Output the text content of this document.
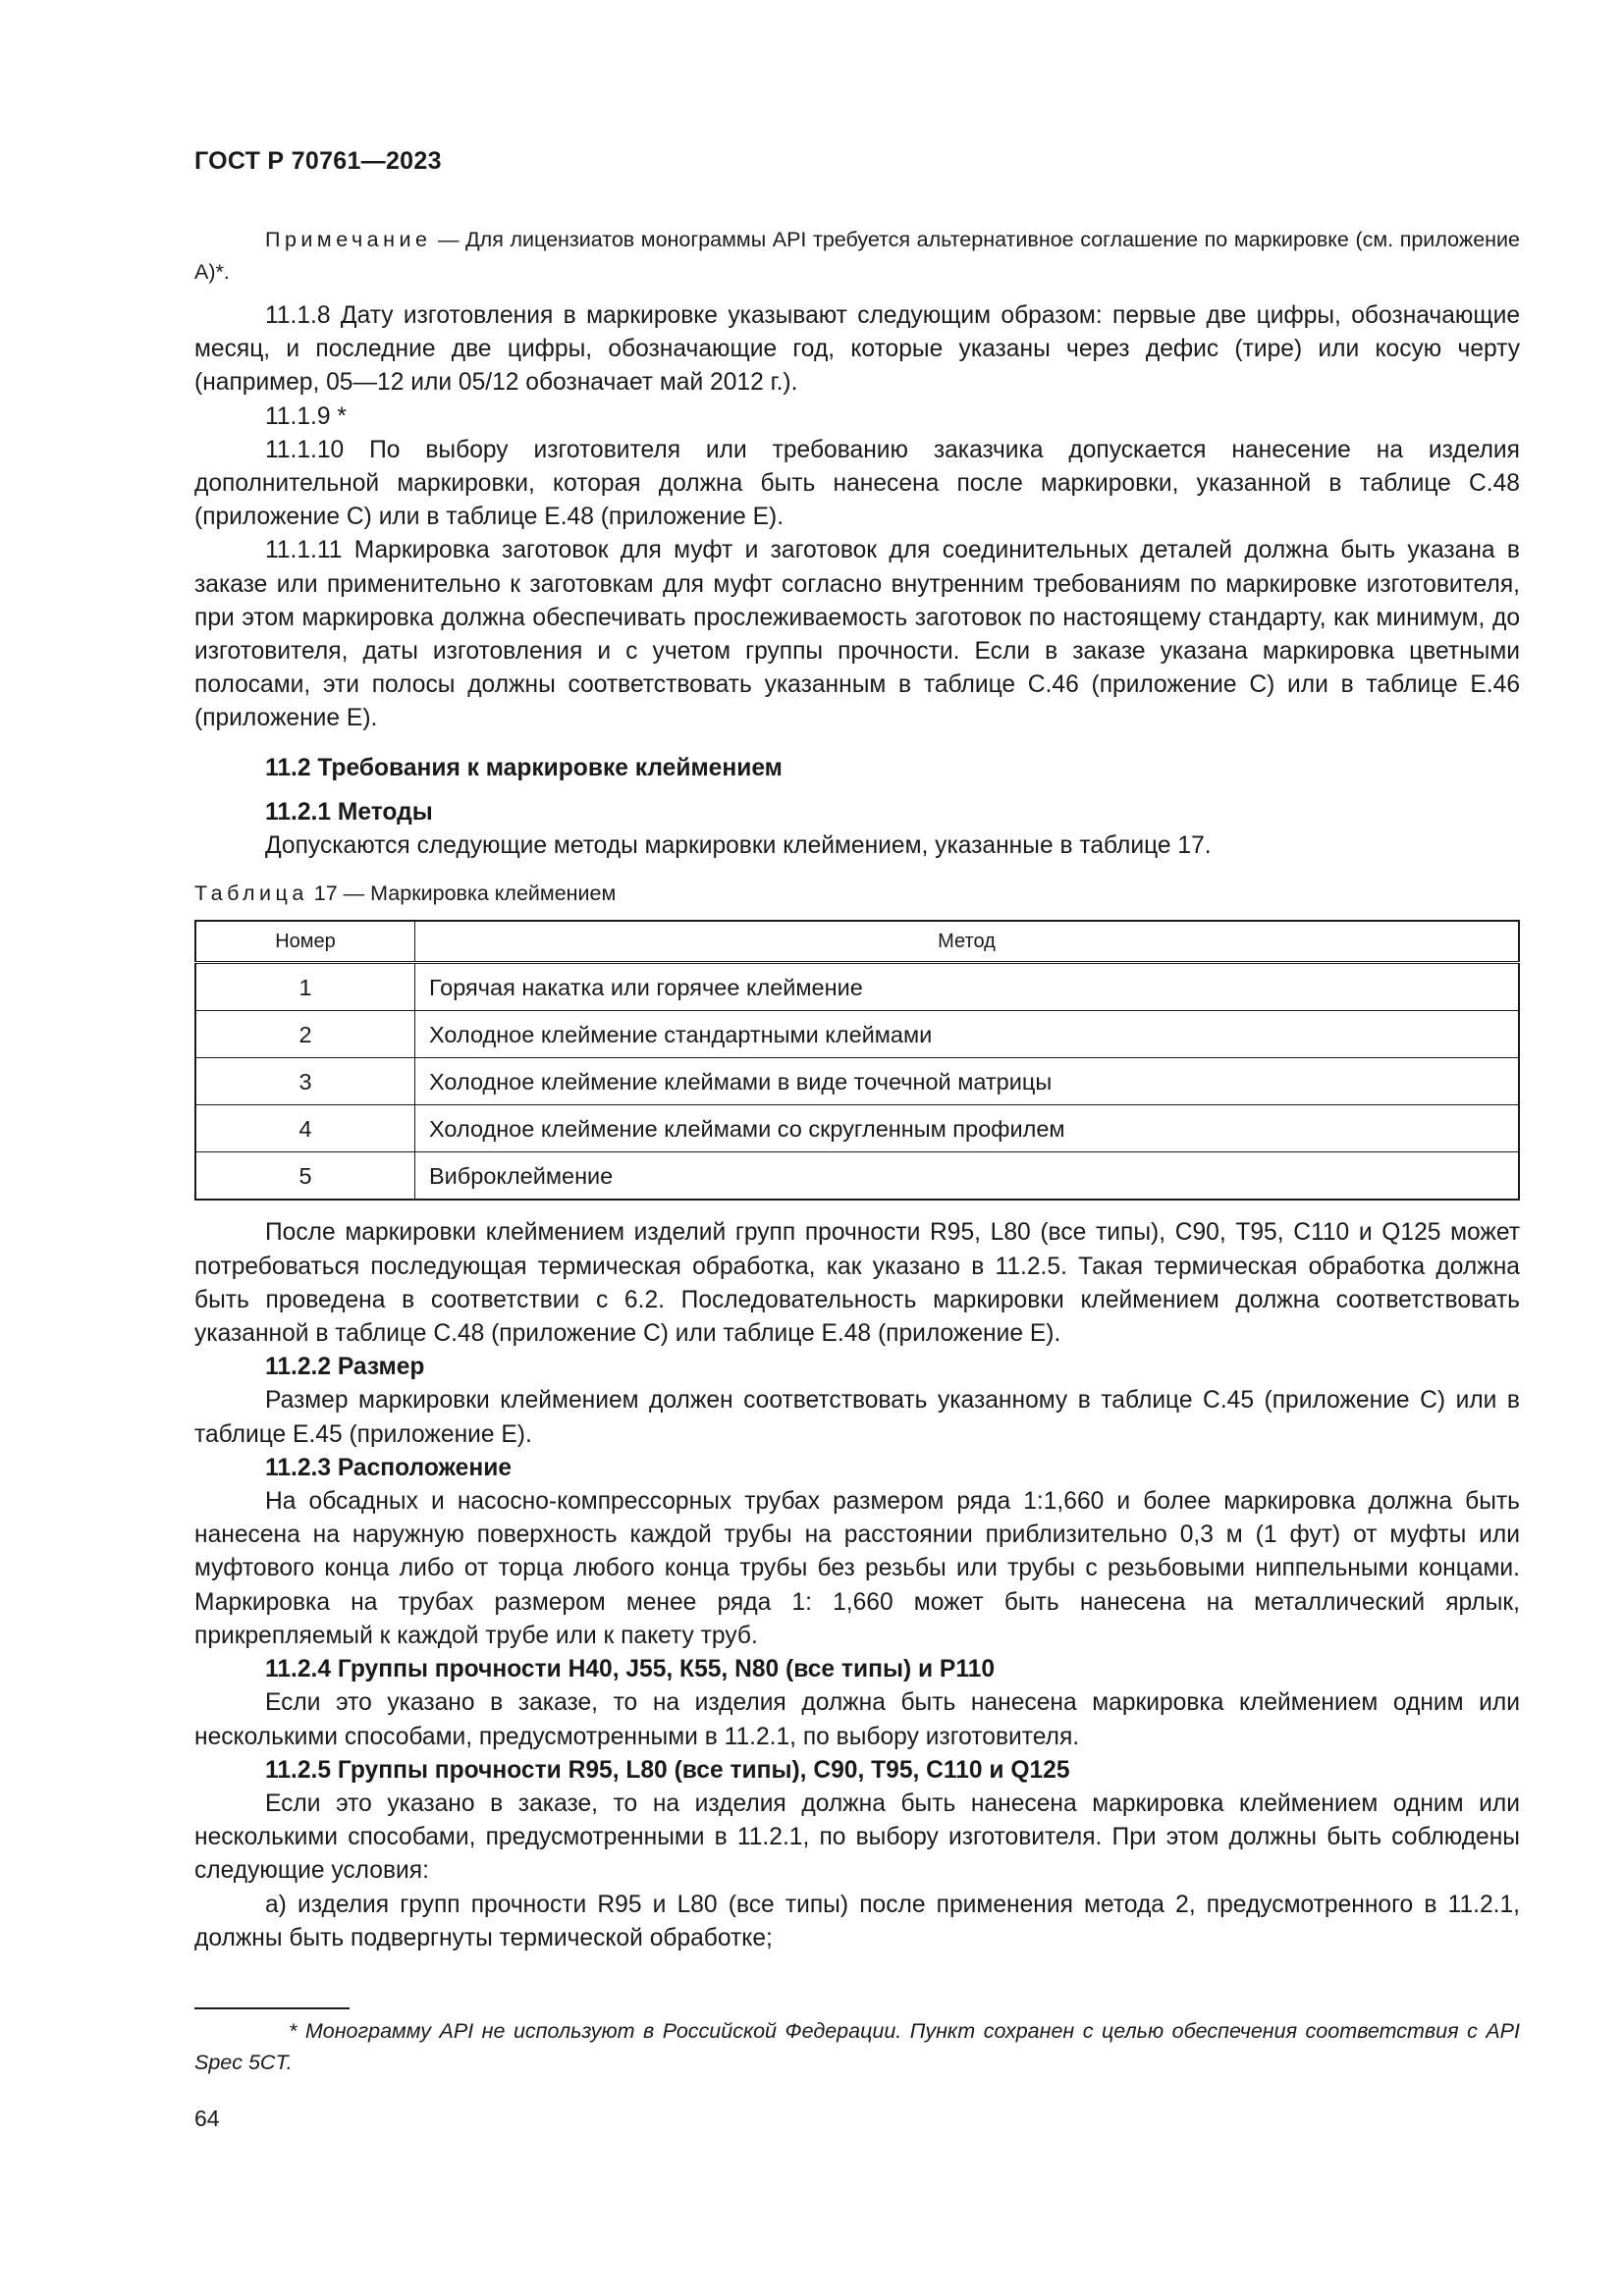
ГОСТ Р 70761—2023

Примечание — Для лицензиатов монограммы API требуется альтернативное соглашение по маркировке (см. приложение А)*.

11.1.8 Дату изготовления в маркировке указывают следующим образом: первые две цифры, обозначающие месяц, и последние две цифры, обозначающие год, которые указаны через дефис (тире) или косую черту (например, 05—12 или 05/12 обозначает май 2012 г.).

11.1.9 *

11.1.10 По выбору изготовителя или требованию заказчика допускается нанесение на изделия дополнительной маркировки, которая должна быть нанесена после маркировки, указанной в таблице С.48 (приложение С) или в таблице Е.48 (приложение Е).

11.1.11 Маркировка заготовок для муфт и заготовок для соединительных деталей должна быть указана в заказе или применительно к заготовкам для муфт согласно внутренним требованиям по маркировке изготовителя, при этом маркировка должна обеспечивать прослеживаемость заготовок по настоящему стандарту, как минимум, до изготовителя, даты изготовления и с учетом группы прочности. Если в заказе указана маркировка цветными полосами, эти полосы должны соответствовать указанным в таблице С.46 (приложение С) или в таблице Е.46 (приложение Е).

11.2 Требования к маркировке клеймением

11.2.1 Методы

Допускаются следующие методы маркировки клеймением, указанные в таблице 17.

Таблица 17 — Маркировка клеймением

Номер	Метод
1	Горячая накатка или горячее клеймение
2	Холодное клеймение стандартными клеймами
3	Холодное клеймение клеймами в виде точечной матрицы
4	Холодное клеймение клеймами со скругленным профилем
5	Виброклеймение

После маркировки клеймением изделий групп прочности R95, L80 (все типы), С90, Т95, С110 и Q125 может потребоваться последующая термическая обработка, как указано в 11.2.5. Такая термическая обработка должна быть проведена в соответствии с 6.2. Последовательность маркировки клеймением должна соответствовать указанной в таблице С.48 (приложение С) или таблице Е.48 (приложение Е).

11.2.2 Размер

Размер маркировки клеймением должен соответствовать указанному в таблице С.45 (приложение С) или в таблице Е.45 (приложение Е).

11.2.3 Расположение

На обсадных и насосно-компрессорных трубах размером ряда 1:1,660 и более маркировка должна быть нанесена на наружную поверхность каждой трубы на расстоянии приблизительно 0,3 м (1 фут) от муфты или муфтового конца либо от торца любого конца трубы без резьбы или трубы с резьбовыми ниппельными концами. Маркировка на трубах размером менее ряда 1: 1,660 может быть нанесена на металлический ярлык, прикрепляемый к каждой трубе или к пакету труб.

11.2.4 Группы прочности Н40, J55, К55, N80 (все типы) и Р110

Если это указано в заказе, то на изделия должна быть нанесена маркировка клеймением одним или несколькими способами, предусмотренными в 11.2.1, по выбору изготовителя.

11.2.5 Группы прочности R95, L80 (все типы), С90, Т95, С110 и Q125

Если это указано в заказе, то на изделия должна быть нанесена маркировка клеймением одним или несколькими способами, предусмотренными в 11.2.1, по выбору изготовителя. При этом должны быть соблюдены следующие условия:

а) изделия групп прочности R95 и L80 (все типы) после применения метода 2, предусмотренного в 11.2.1, должны быть подвергнуты термической обработке;

* Монограмму API не используют в Российской Федерации. Пункт сохранен с целью обеспечения соответствия с API Spec 5CT.
64
